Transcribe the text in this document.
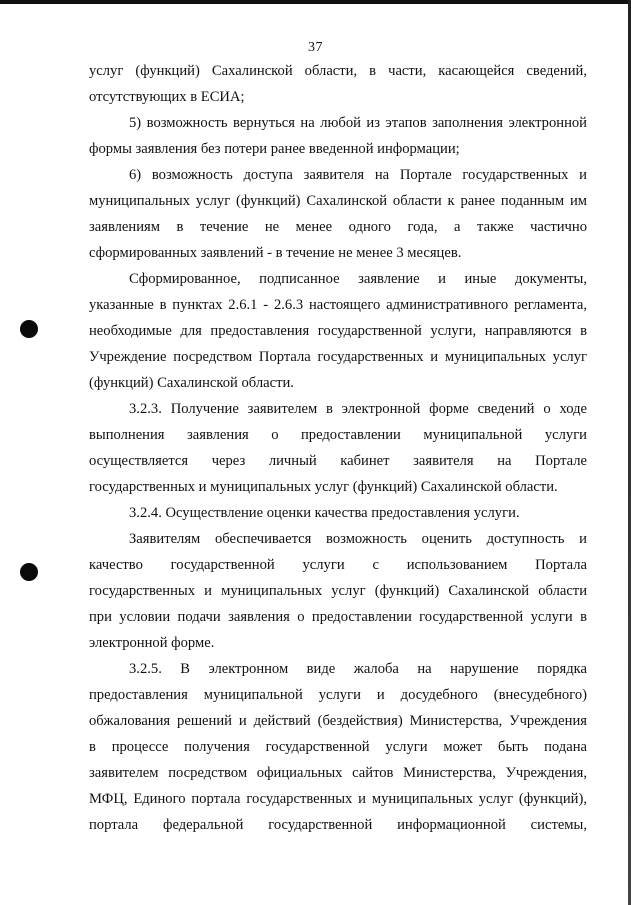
37
услуг (функций) Сахалинской области, в части, касающейся сведений,
отсутствующих в ЕСИА;
5) возможность вернуться на любой из этапов заполнения электронной
формы заявления без потери ранее введенной информации;
6) возможность доступа заявителя на Портале государственных и
муниципальных услуг (функций) Сахалинской области к ранее поданным им
заявлениям в течение не менее одного года, а также частично
сформированных заявлений - в течение не менее 3 месяцев.
Сформированное, подписанное заявление и иные документы,
указанные в пунктах 2.6.1 - 2.6.3 настоящего административного регламента,
необходимые для предоставления государственной услуги, направляются в
Учреждение посредством Портала государственных и муниципальных услуг
(функций) Сахалинской области.
3.2.3. Получение заявителем в электронной форме сведений о ходе
выполнения заявления о предоставлении муниципальной услуги
осуществляется через личный кабинет заявителя на Портале
государственных и муниципальных услуг (функций) Сахалинской области.
3.2.4. Осуществление оценки качества предоставления услуги.
Заявителям обеспечивается возможность оценить доступность и
качество государственной услуги с использованием Портала
государственных и муниципальных услуг (функций) Сахалинской области
при условии подачи заявления о предоставлении государственной услуги в
электронной форме.
3.2.5. В электронном виде жалоба на нарушение порядка
предоставления муниципальной услуги и досудебного (внесудебного)
обжалования решений и действий (бездействия) Министерства, Учреждения
в процессе получения государственной услуги может быть подана
заявителем посредством официальных сайтов Министерства, Учреждения,
МФЦ, Единого портала государственных и муниципальных услуг (функций),
портала федеральной государственной информационной системы,
